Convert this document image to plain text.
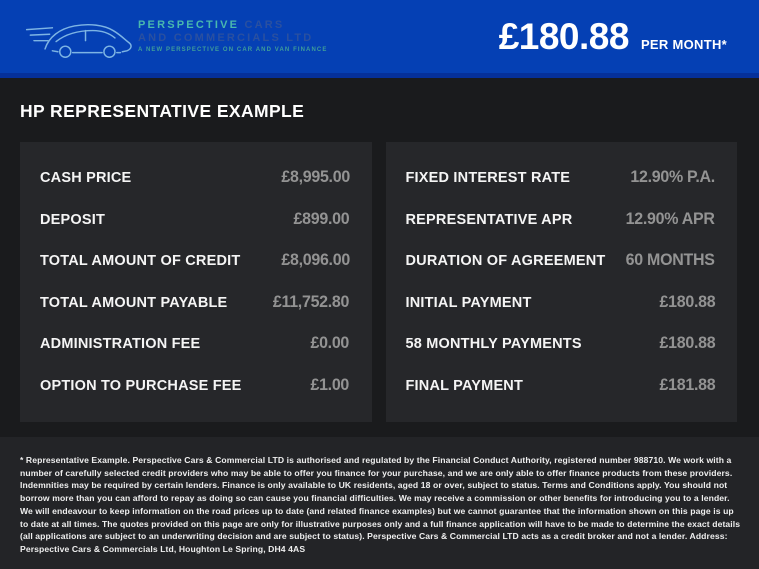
PERSPECTIVE CARS
AND COMMERCIALS LTD
A NEW PERSPECTIVE ON CAR AND VAN FINANCE	£180.88 PER MONTH*
HP REPRESENTATIVE EXAMPLE
CASH PRICE	£8,995.00
DEPOSIT	£899.00
TOTAL AMOUNT OF CREDIT £8,096.00
TOTAL AMOUNT PAYABLE	£11,752.80
ADMINISTRATION FEE	£0.00
OPTION TO PURCHASE FEE	£1.00
FIXED INTEREST RATE	12.90% P.A.
REPRESENTATIVE APR	12.90% APR
DURATION OF AGREEMENT 60 MONTHS
INITIAL PAYMENT	£180.88
58 MONTHLY PAYMENTS	£180.88
FINAL PAYMENT	£181.88
* Representative Example. Perspective Cars & Commercial LTD is authorised and regulated by the Financial Conduct Authority, registered number 988710. We work with a number of carefully selected credit providers who may be able to offer you finance for your purchase, and we are only able to offer finance products from these providers. Indemnities may be required by certain lenders. Finance is only available to UK residents, aged 18 or over, subject to status. Terms and Conditions apply. You should not borrow more than you can afford to repay as doing so can cause you financial difficulties. We may receive a commission or other benefits for introducing you to a lender. We will endeavour to keep information on the road prices up to date (and related finance examples) but we cannot guarantee that the information shown on this page is up to date at all times. The quotes provided on this page are only for illustrative purposes only and a full finance application will have to be made to determine the exact details (all applications are subject to an underwriting decision and are subject to status). Perspective Cars & Commercial LTD acts as a credit broker and not a lender. Address: Perspective Cars & Commercials Ltd, Houghton Le Spring, DH4 4AS
